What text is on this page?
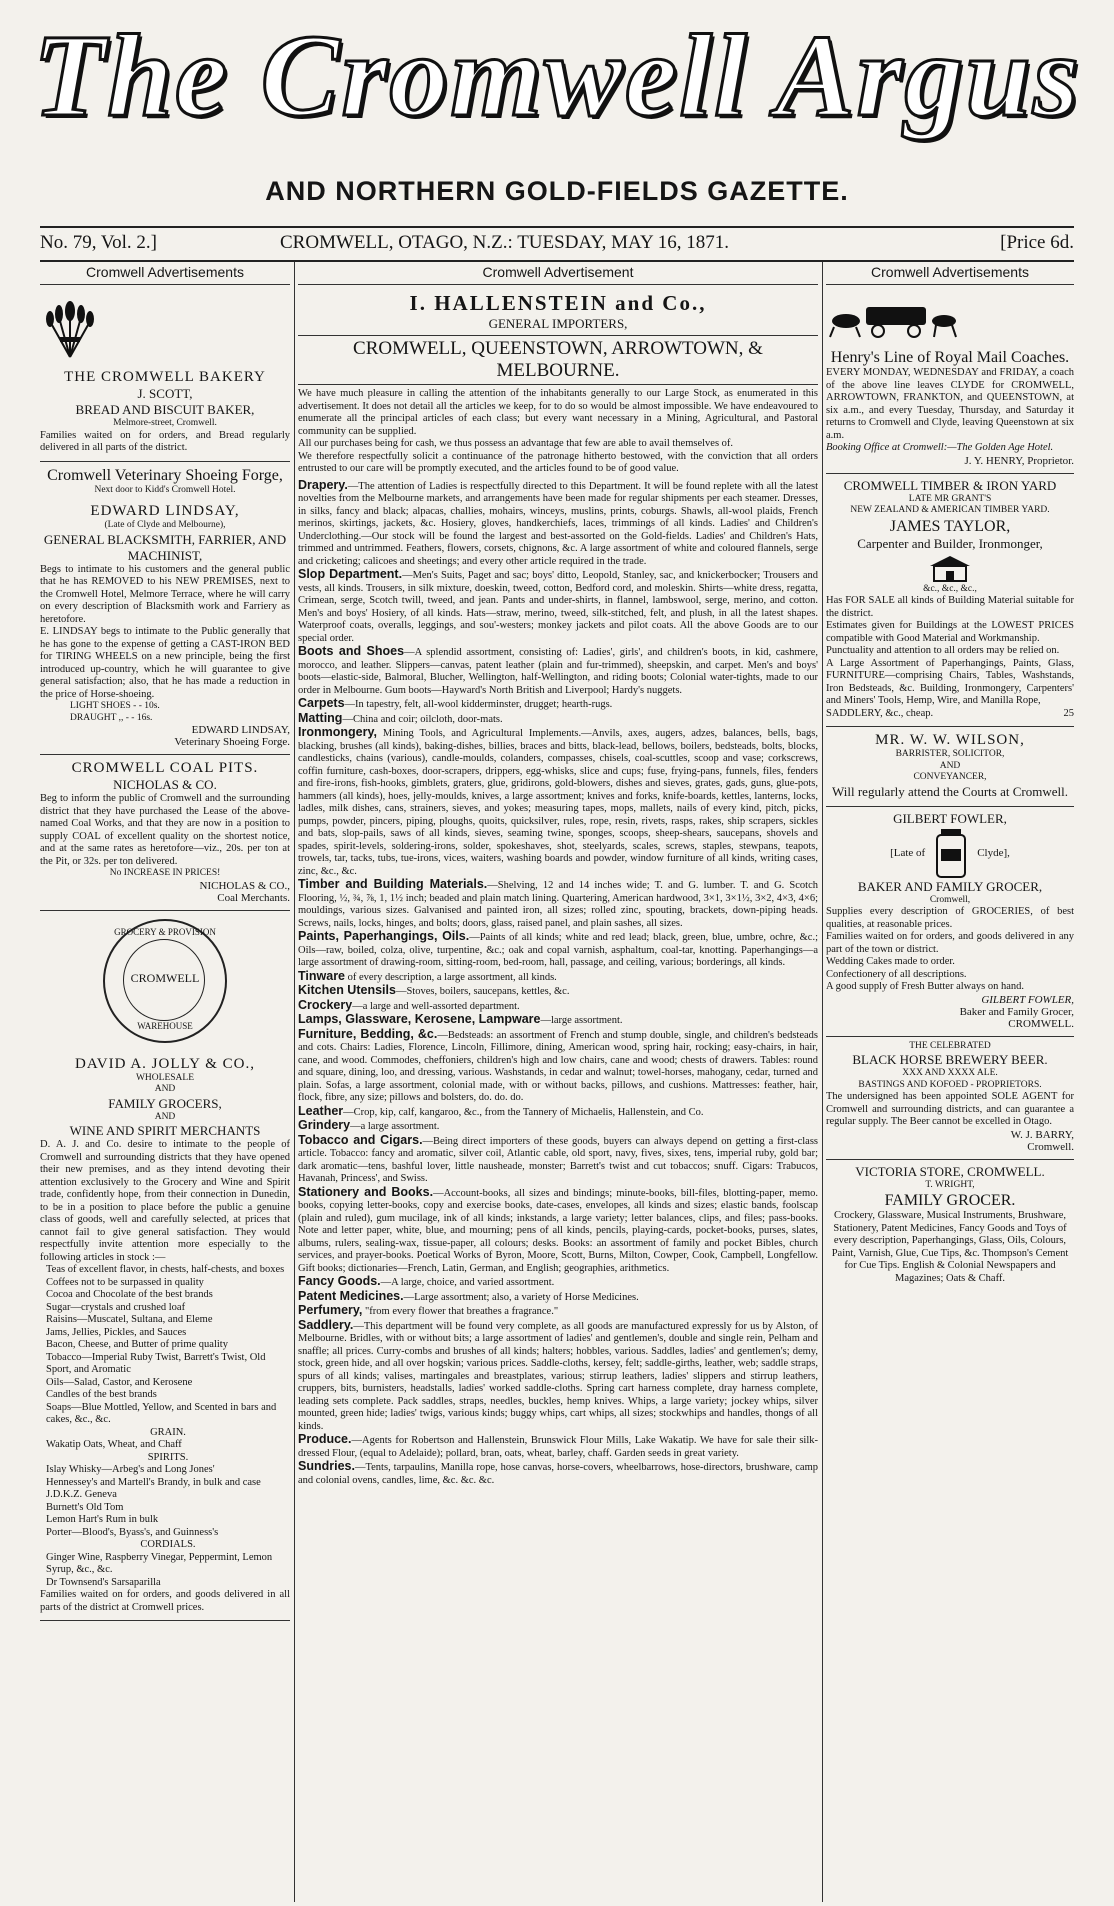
The Cromwell Argus
AND NORTHERN GOLD-FIELDS GAZETTE.
No. 79, Vol. 2.]	CROMWELL, OTAGO, N.Z.: TUESDAY, MAY 16, 1871.	[Price 6d.
Cromwell Advertisements
THE CROMWELL BAKERY
J. SCOTT,
BREAD AND BISCUIT BAKER,
Melmore-street, Cromwell.
Families waited on for orders, and Bread regularly delivered in all parts of the district.
Cromwell Veterinary Shoeing Forge,
Next door to Kidd's Cromwell Hotel.
EDWARD LINDSAY,
(Late of Clyde and Melbourne),
GENERAL BLACKSMITH, FARRIER, AND MACHINIST,
Begs to intimate to his customers and the general public that he has REMOVED to his NEW PREMISES, next to the Cromwell Hotel, Melmore Terrace, where he will carry on every description of Blacksmith work and Farriery as heretofore.
E. LINDSAY begs to intimate to the Public generally that he has gone to the expense of getting a CAST-IRON BED for TIRING WHEELS on a new principle, being the first introduced up-country, which he will guarantee to give general satisfaction; also, that he has made a reduction in the price of Horse-shoeing.
LIGHT SHOES - - 10s.
DRAUGHT ,, - - 16s.
EDWARD LINDSAY,
Veterinary Shoeing Forge.
CROMWELL COAL PITS.
NICHOLAS & CO.
Beg to inform the public of Cromwell and the surrounding district that they have purchased the Lease of the above-named Coal Works, and that they are now in a position to supply COAL of excellent quality on the shortest notice, and at the same rates as heretofore—viz., 20s. per ton at the Pit, or 32s. per ton delivered.
No INCREASE IN PRICES!
NICHOLAS & CO.,
Coal Merchants.
GROCERY & PROVISION
CROMWELL
WAREHOUSE
DAVID A. JOLLY & CO.,
WHOLESALE
AND
FAMILY GROCERS,
AND
WINE AND SPIRIT MERCHANTS
D. A. J. and Co. desire to intimate to the people of Cromwell and surrounding districts that they have opened their new premises, and as they intend devoting their attention exclusively to the Grocery and Wine and Spirit trade, confidently hope, from their connection in Dunedin, to be in a position to place before the public a genuine class of goods, well and carefully selected, at prices that cannot fail to give general satisfaction. They would respectfully invite attention more especially to the following articles in stock :—
Teas of excellent flavor, in chests, half-chests, and boxes
Coffees not to be surpassed in quality
Cocoa and Chocolate of the best brands
Sugar—crystals and crushed loaf
Raisins—Muscatel, Sultana, and Eleme
Jams, Jellies, Pickles, and Sauces
Bacon, Cheese, and Butter of prime quality
Tobacco—Imperial Ruby Twist, Barrett's Twist, Old Sport, and Aromatic
Oils—Salad, Castor, and Kerosene
Candles of the best brands
Soaps—Blue Mottled, Yellow, and Scented in bars and cakes, &c., &c.
GRAIN.
Wakatip Oats, Wheat, and Chaff
SPIRITS.
Islay Whisky—Arbeg's and Long Jones'
Hennessey's and Martell's Brandy, in bulk and case
J.D.K.Z. Geneva
Burnett's Old Tom
Lemon Hart's Rum in bulk
Porter—Blood's, Byass's, and Guinness's
CORDIALS.
Ginger Wine, Raspberry Vinegar, Peppermint, Lemon Syrup, &c., &c.
Dr Townsend's Sarsaparilla
Families waited on for orders, and goods delivered in all parts of the district at Cromwell prices.
Cromwell Advertisement
I. HALLENSTEIN and Co.,
GENERAL IMPORTERS,
CROMWELL, QUEENSTOWN, ARROWTOWN, & MELBOURNE.
We have much pleasure in calling the attention of the inhabitants generally to our Large Stock, as enumerated in this advertisement. It does not detail all the articles we keep, for to do so would be almost impossible. We have endeavoured to enumerate all the principal articles of each class; but every want necessary in a Mining, Agricultural, and Pastoral community can be supplied.
All our purchases being for cash, we thus possess an advantage that few are able to avail themselves of.
We therefore respectfully solicit a continuance of the patronage hitherto bestowed, with the conviction that all orders entrusted to our care will be promptly executed, and the articles found to be of good value.

Drapery.—The attention of Ladies is respectfully directed to this Department. It will be found replete with all the latest novelties from the Melbourne markets, and arrangements have been made for regular shipments per each steamer. Dresses, in silks, fancy and black; alpacas, challies, mohairs, winceys, muslins, prints, coburgs. Shawls, all-wool plaids, French merinos, skirtings, jackets, &c. Hosiery, gloves, handkerchiefs, laces, trimmings of all kinds. Ladies' and Children's Underclothing.—Our stock will be found the largest and best-assorted on the Gold-fields. Ladies' and Children's Hats, trimmed and untrimmed. Feathers, flowers, corsets, chignons, &c. A large assortment of white and coloured flannels, serge and cricketing; calicoes and sheetings; and every other article required in the trade.

Slop Department.—Men's Suits, Paget and sac; boys' ditto, Leopold, Stanley, sac, and knickerbocker; Trousers and vests, all kinds. Trousers, in silk mixture, doeskin, tweed, cotton, Bedford cord, and moleskin. Shirts—white dress, regatta, Crimean, serge, Scotch twill, tweed, and jean. Pants and under-shirts, in flannel, lambswool, serge, merino, and cotton. Men's and boys' Hosiery, of all kinds. Hats—straw, merino, tweed, silk-stitched, felt, and plush, in all the latest shapes. Waterproof coats, overalls, leggings, and sou'-westers; monkey jackets and pilot coats. All the above Goods are to our special order.

Boots and Shoes—A splendid assortment, consisting of: Ladies', girls', and children's boots, in kid, cashmere, morocco, and leather. Slippers—canvas, patent leather (plain and fur-trimmed), sheepskin, and carpet. Men's and boys' boots—elastic-side, Balmoral, Blucher, Wellington, half-Wellington, and riding boots; Colonial water-tights, made to our order in Melbourne. Gum boots—Hayward's North British and Liverpool; Hardy's nuggets.

Carpets—In tapestry, felt, all-wool kidderminster, drugget; hearth-rugs.

Matting—China and coir; oilcloth, door-mats.

Ironmongery, Mining Tools, and Agricultural Implements.—Anvils, axes, augers, adzes, balances, bells, bags, blacking, brushes (all kinds), baking-dishes, billies, braces and bitts, black-lead, bellows, boilers, bedsteads, bolts, blocks, candlesticks, chains (various), candle-moulds, colanders, compasses, chisels, coal-scuttles, scoop and vase; corkscrews, coffin furniture, cash-boxes, door-scrapers, drippers, egg-whisks, slice and cups; fuse, frying-pans, funnels, files, fenders and fire-irons, fish-hooks, gimblets, graters, glue, gridirons, gold-blowers, dishes and sieves, grates, gads, guns, glue-pots, hammers (all kinds), hoes, jelly-moulds, knives, a large assortment; knives and forks, knife-boards, kettles, lanterns, locks, ladles, milk dishes, cans, strainers, sieves, and yokes; measuring tapes, mops, mallets, nails of every kind, pitch, picks, pumps, powder, pincers, piping, ploughs, quoits, quicksilver, rules, rope, resin, rivets, rasps, rakes, ship scrapers, sickles and bats, slop-pails, saws of all kinds, sieves, seaming twine, sponges, scoops, sheep-shears, saucepans, shovels and spades, spirit-levels, soldering-irons, solder, spokeshaves, shot, steelyards, scales, screws, staples, stewpans, teapots, trowels, tar, tacks, tubs, tue-irons, vices, waiters, washing boards and powder, window furniture of all kinds, writing cases, zinc, &c., &c.

Timber and Building Materials.—Shelving, 12 and 14 inches wide; T. and G. lumber. T. and G. Scotch Flooring, ½, ¾, ⅞, 1, 1½ inch; beaded and plain match lining. Quartering, American hardwood, 3×1, 3×1½, 3×2, 4×3, 4×6; mouldings, various sizes. Galvanised and painted iron, all sizes; rolled zinc, spouting, brackets, down-piping heads. Screws, nails, locks, hinges, and bolts; doors, glass, raised panel, and plain sashes, all sizes.

Paints, Paperhangings, Oils.—Paints of all kinds; white and red lead; black, green, blue, umbre, ochre, &c.; Oils—raw, boiled, colza, olive, turpentine, &c.; oak and copal varnish, asphaltum, coal-tar, knotting. Paperhangings—a large assortment of drawing-room, sitting-room, bed-room, hall, passage, and ceiling, various; borderings, all kinds.

Tinware of every description, a large assortment, all kinds.

Kitchen Utensils—Stoves, boilers, saucepans, kettles, &c.

Crockery—a large and well-assorted department.

Lamps, Glassware, Kerosene, Lampware—large assortment.

Furniture, Bedding, &c.—Bedsteads: an assortment of French and stump double, single, and children's bedsteads and cots. Chairs: Ladies, Florence, Lincoln, Fillimore, dining, American wood, spring hair, rocking; easy-chairs, in hair, cane, and wood. Commodes, cheffoniers, children's high and low chairs, cane and wood; chests of drawers. Tables: round and square, dining, loo, and dressing, various. Washstands, in cedar and walnut; towel-horses, mahogany, cedar, turned and plain. Sofas, a large assortment, colonial made, with or without backs, pillows, and cushions. Mattresses: feather, hair, flock, fibre, any size; pillows and bolsters, do. do. do.

Leather—Crop, kip, calf, kangaroo, &c., from the Tannery of Michaelis, Hallenstein, and Co.

Grindery—a large assortment.

Tobacco and Cigars.—Being direct importers of these goods, buyers can always depend on getting a first-class article. Tobacco: fancy and aromatic, silver coil, Atlantic cable, old sport, navy, fives, sixes, tens, imperial ruby, gold bar; dark aromatic—tens, bashful lover, little nausheade, monster; Barrett's twist and cut tobaccos; snuff. Cigars: Trabucos, Havanah, Princess', and Swiss.

Stationery and Books.—Account-books, all sizes and bindings; minute-books, bill-files, blotting-paper, memo. books, copying letter-books, copy and exercise books, date-cases, envelopes, all kinds and sizes; elastic bands, foolscap (plain and ruled), gum mucilage, ink of all kinds; inkstands, a large variety; letter balances, clips, and files; pass-books. Note and letter paper, white, blue, and mourning; pens of all kinds, pencils, playing-cards, pocket-books, purses, slates, albums, rulers, sealing-wax, tissue-paper, all colours; desks. Books: an assortment of family and pocket Bibles, church services, and prayer-books. Poetical Works of Byron, Moore, Scott, Burns, Milton, Cowper, Cook, Campbell, Longfellow. Gift books; dictionaries—French, Latin, German, and English; geographies, arithmetics.

Fancy Goods.—A large, choice, and varied assortment.

Patent Medicines.—Large assortment; also, a variety of Horse Medicines.

Perfumery, "from every flower that breathes a fragrance."

Saddlery.—This department will be found very complete, as all goods are manufactured expressly for us by Alston, of Melbourne. Bridles, with or without bits; a large assortment of ladies' and gentlemen's, double and single rein, Pelham and snaffle; all prices. Curry-combs and brushes of all kinds; halters; hobbles, various. Saddles, ladies' and gentlemen's; demy, stock, green hide, and all over hogskin; various prices. Saddle-cloths, kersey, felt; saddle-girths, leather, web; saddle straps, spurs of all kinds; valises, martingales and breastplates, various; stirrup leathers, ladies' slippers and stirrup leathers, cruppers, bits, burnisters, headstalls, ladies' worked saddle-cloths. Spring cart harness complete, dray harness complete, leading sets complete. Pack saddles, straps, needles, buckles, hemp knives. Whips, a large variety; jockey whips, silver mounted, green hide; ladies' twigs, various kinds; buggy whips, cart whips, all sizes; stockwhips and handles, thongs of all kinds.

Produce.—Agents for Robertson and Hallenstein, Brunswick Flour Mills, Lake Wakatip. We have for sale their silk-dressed Flour, (equal to Adelaide); pollard, bran, oats, wheat, barley, chaff. Garden seeds in great variety.

Sundries.—Tents, tarpaulins, Manilla rope, hose canvas, horse-covers, wheelbarrows, hose-directors, brushware, camp and colonial ovens, candles, lime, &c. &c. &c.

Cromwell Advertisements
Henry's Line of Royal Mail Coaches.
EVERY MONDAY, WEDNESDAY and FRIDAY, a coach of the above line leaves CLYDE for CROMWELL, ARROWTOWN, FRANKTON, and QUEENSTOWN, at six a.m., and every Tuesday, Thursday, and Saturday it returns to Cromwell and Clyde, leaving Queenstown at six a.m.
Booking Office at Cromwell:—The Golden Age Hotel.
J. Y. HENRY, Proprietor.
CROMWELL TIMBER & IRON YARD
LATE MR GRANT'S
NEW ZEALAND & AMERICAN TIMBER YARD.
JAMES TAYLOR,
Carpenter and Builder, Ironmonger,
&c., &c., &c.,
Has FOR SALE all kinds of Building Material suitable for the district.
Estimates given for Buildings at the LOWEST PRICES compatible with Good Material and Workmanship.
Punctuality and attention to all orders may be relied on.
A Large Assortment of Paperhangings, Paints, Glass, FURNITURE—comprising Chairs, Tables, Washstands, Iron Bedsteads, &c. Building, Ironmongery, Carpenters' and Miners' Tools, Hemp, Wire, and Manilla Rope,
SADDLERY, &c., cheap.	25
MR. W. W. WILSON,
BARRISTER, SOLICITOR,
AND
CONVEYANCER,
Will regularly attend the Courts at Cromwell.
GILBERT FOWLER,
[Late of	Clyde],
BAKER AND FAMILY GROCER,
Cromwell,
Supplies every description of GROCERIES, of best qualities, at reasonable prices.
Families waited on for orders, and goods delivered in any part of the town or district.
Wedding Cakes made to order.
Confectionery of all descriptions.
A good supply of Fresh Butter always on hand.
GILBERT FOWLER,
Baker and Family Grocer,
CROMWELL.
THE CELEBRATED
BLACK HORSE BREWERY BEER.
XXX AND XXXX ALE.
BASTINGS AND KOFOED - PROPRIETORS.
The undersigned has been appointed SOLE AGENT for Cromwell and surrounding districts, and can guarantee a regular supply. The Beer cannot be excelled in Otago.
W. J. BARRY,
Cromwell.
VICTORIA STORE, CROMWELL.
T. WRIGHT,
FAMILY GROCER.
Crockery, Glassware, Musical Instruments, Brushware, Stationery, Patent Medicines, Fancy Goods and Toys of every description, Paperhangings, Glass, Oils, Colours, Paint, Varnish, Glue, Cue Tips, &c. Thompson's Cement for Cue Tips. English & Colonial Newspapers and Magazines; Oats & Chaff.
